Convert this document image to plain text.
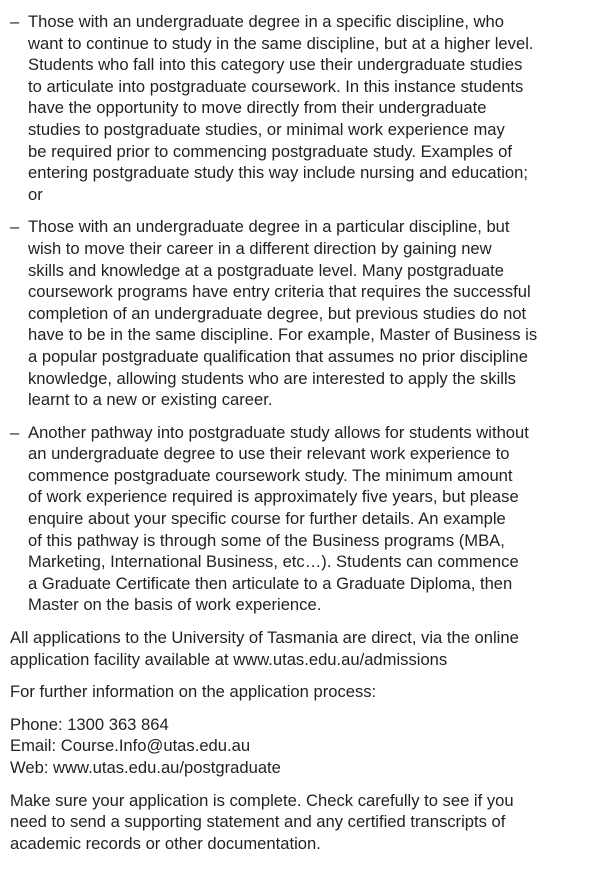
– Those with an undergraduate degree in a specific discipline, who
want to continue to study in the same discipline, but at a higher level.
Students who fall into this category use their undergraduate studies
to articulate into postgraduate coursework. In this instance students
have the opportunity to move directly from their undergraduate
studies to postgraduate studies, or minimal work experience may
be required prior to commencing postgraduate study. Examples of
entering postgraduate study this way include nursing and education;
or
– Those with an undergraduate degree in a particular discipline, but
wish to move their career in a different direction by gaining new
skills and knowledge at a postgraduate level. Many postgraduate
coursework programs have entry criteria that requires the successful
completion of an undergraduate degree, but previous studies do not
have to be in the same discipline. For example, Master of Business is
a popular postgraduate qualification that assumes no prior discipline
knowledge, allowing students who are interested to apply the skills
learnt to a new or existing career.
– Another pathway into postgraduate study allows for students without
an undergraduate degree to use their relevant work experience to
commence postgraduate coursework study. The minimum amount
of work experience required is approximately five years, but please
enquire about your specific course for further details. An example
of this pathway is through some of the Business programs (MBA,
Marketing, International Business, etc…). Students can commence
a Graduate Certificate then articulate to a Graduate Diploma, then
Master on the basis of work experience.

All applications to the University of Tasmania are direct, via the online
application facility available at www.utas.edu.au/admissions

For further information on the application process:

Phone: 1300 363 864
Email: Course.Info@utas.edu.au
Web: www.utas.edu.au/postgraduate

Make sure your application is complete. Check carefully to see if you
need to send a supporting statement and any certified transcripts of
academic records or other documentation.
